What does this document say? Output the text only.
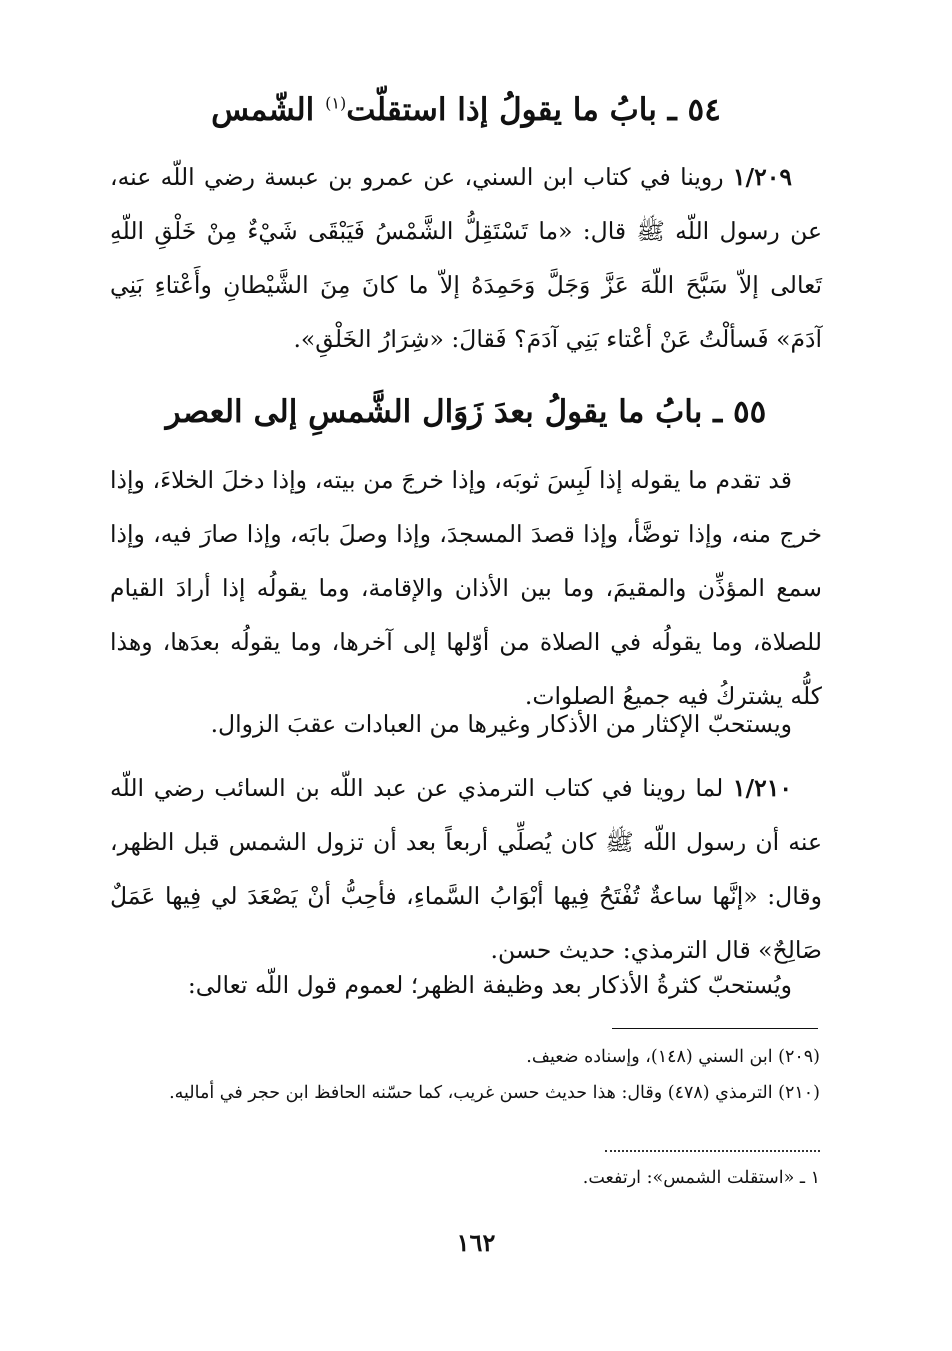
٥٤ ـ بابُ ما يقولُ إذا استقلّت$^{(١)}$ الشّمس

١/٢٠٩ روينا في كتاب ابن السني، عن عمرو بن عبسة رضي اللّه عنه، عن رسول اللّه ﷺ قال: «ما تَسْتَقِلُّ الشَّمْسُ فَيَبْقَى شَيْءٌ مِنْ خَلْقِ اللّهِ تَعالى إلاّ سَبَّحَ اللّهَ عَزَّ وَجَلَّ وَحَمِدَهُ إلاّ ما كانَ مِنَ الشَّيْطانِ وأَعْتاءِ بَنِي آدَمَ» فَسألْتُ عَنْ أعْتاء بَنِي آدَمَ؟ فَقالَ: «شِرَارُ الخَلْقِ».

٥٥ ـ بابُ ما يقولُ بعدَ زَوَال الشَّمسِ إلى العصر

قد تقدم ما يقوله إذا لَبِسَ ثوبَه، وإذا خرجَ من بيته، وإذا دخلَ الخلاءَ، وإذا خرج منه، وإذا توضَّأ، وإذا قصدَ المسجدَ، وإذا وصلَ بابَه، وإذا صارَ فيه، وإذا سمع المؤذِّن والمقيمَ، وما بين الأذان والإقامة، وما يقولُه إذا أرادَ القيام للصلاة، وما يقولُه في الصلاة من أوّلها إلى آخرها، وما يقولُه بعدَها، وهذا كلُّه يشتركُ فيه جميعُ الصلوات.

ويستحبّ الإكثار من الأذكار وغيرها من العبادات عقبَ الزوال.

١/٢١٠ لما روينا في كتاب الترمذي عن عبد اللّه بن السائب رضي اللّه عنه أن رسول اللّه ﷺ كان يُصلِّي أربعاً بعد أن تزول الشمس قبل الظهر، وقال: «إنَّها ساعةٌ تُفْتَحُ فِيها أبْوَابُ السَّماءِ، فأحِبُّ أنْ يَصْعَدَ لي فِيها عَمَلٌ صَالِحٌ» قال الترمذي: حديث حسن.

ويُستحبّ كثرةُ الأذكار بعد وظيفة الظهر؛ لعموم قول اللّه تعالى:

(٢٠٩) ابن السني (١٤٨)، وإسناده ضعيف.
(٢١٠) الترمذي (٤٧٨) وقال: هذا حديث حسن غريب، كما حسّنه الحافظ ابن حجر في أماليه.
١ ـ «استقلت الشمس»: ارتفعت.
١٦٢
